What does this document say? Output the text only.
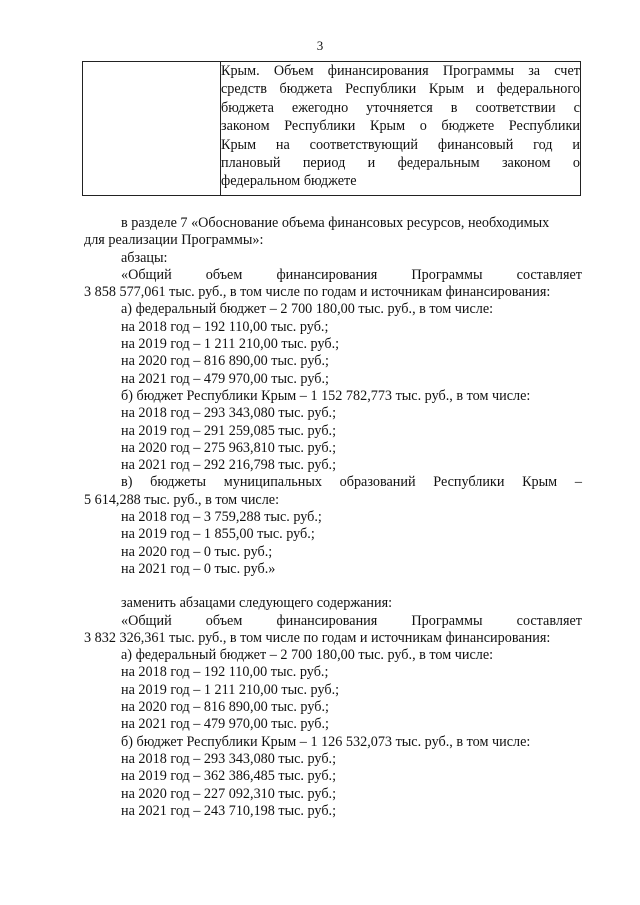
3

Крым. Объем финансирования Программы за счет
средств бюджета Республики Крым и федерального
бюджета ежегодно уточняется в соответствии с
законом Республики Крым о бюджете Республики
Крым на соответствующий финансовый год и
плановый период и федеральным законом о
федеральном бюджете
в разделе 7 «Обоснование объема финансовых ресурсов, необходимых
для реализации Программы»:
абзацы:
«Общий объем финансирования Программы составляет
3 858 577,061 тыс. руб., в том числе по годам и источникам финансирования:
а) федеральный бюджет – 2 700 180,00 тыс. руб., в том числе:
на 2018 год – 192 110,00 тыс. руб.;
на 2019 год – 1 211 210,00 тыс. руб.;
на 2020 год – 816 890,00 тыс. руб.;
на 2021 год – 479 970,00 тыс. руб.;
б) бюджет Республики Крым – 1 152 782,773 тыс. руб., в том числе:
на 2018 год – 293 343,080 тыс. руб.;
на 2019 год – 291 259,085 тыс. руб.;
на 2020 год – 275 963,810 тыс. руб.;
на 2021 год – 292 216,798 тыс. руб.;
в) бюджеты муниципальных образований Республики Крым –
5 614,288 тыс. руб., в том числе:
на 2018 год – 3 759,288 тыс. руб.;
на 2019 год – 1 855,00 тыс. руб.;
на 2020 год – 0 тыс. руб.;
на 2021 год – 0 тыс. руб.»
заменить абзацами следующего содержания:
«Общий объем финансирования Программы составляет
3 832 326,361 тыс. руб., в том числе по годам и источникам финансирования:
а) федеральный бюджет – 2 700 180,00 тыс. руб., в том числе:
на 2018 год – 192 110,00 тыс. руб.;
на 2019 год – 1 211 210,00 тыс. руб.;
на 2020 год – 816 890,00 тыс. руб.;
на 2021 год – 479 970,00 тыс. руб.;
б) бюджет Республики Крым – 1 126 532,073 тыс. руб., в том числе:
на 2018 год – 293 343,080 тыс. руб.;
на 2019 год – 362 386,485 тыс. руб.;
на 2020 год – 227 092,310 тыс. руб.;
на 2021 год – 243 710,198 тыс. руб.;
